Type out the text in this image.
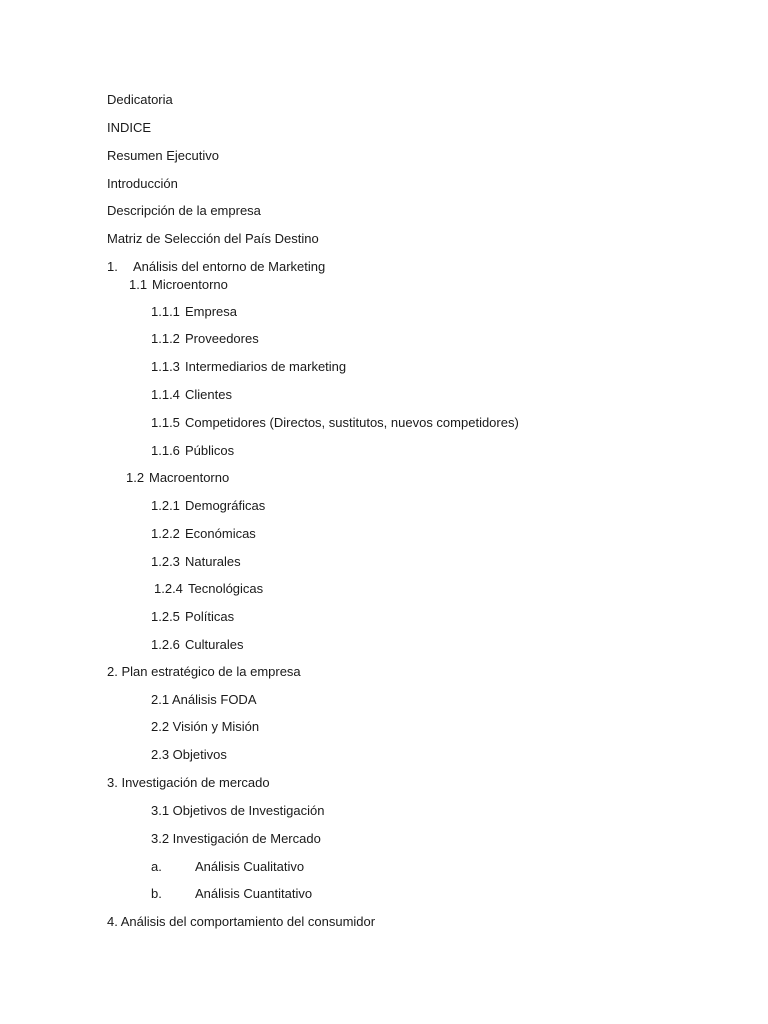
Dedicatoria
INDICE
Resumen Ejecutivo
Introducción
Descripción de la empresa
Matriz de Selección del País Destino
1. Análisis del entorno de Marketing
1.1 Microentorno
1.1.1 Empresa
1.1.2 Proveedores
1.1.3 Intermediarios de marketing
1.1.4 Clientes
1.1.5 Competidores (Directos, sustitutos, nuevos competidores)
1.1.6 Públicos
1.2 Macroentorno
1.2.1 Demográficas
1.2.2 Económicas
1.2.3 Naturales
1.2.4 Tecnológicas
1.2.5 Políticas
1.2.6 Culturales
2. Plan estratégico de la empresa
2.1 Análisis FODA
2.2 Visión y Misión
2.3 Objetivos
3. Investigación de mercado
3.1 Objetivos de Investigación
3.2 Investigación de Mercado
a.	Análisis Cualitativo
b.	Análisis Cuantitativo
4. Análisis del comportamiento del consumidor
